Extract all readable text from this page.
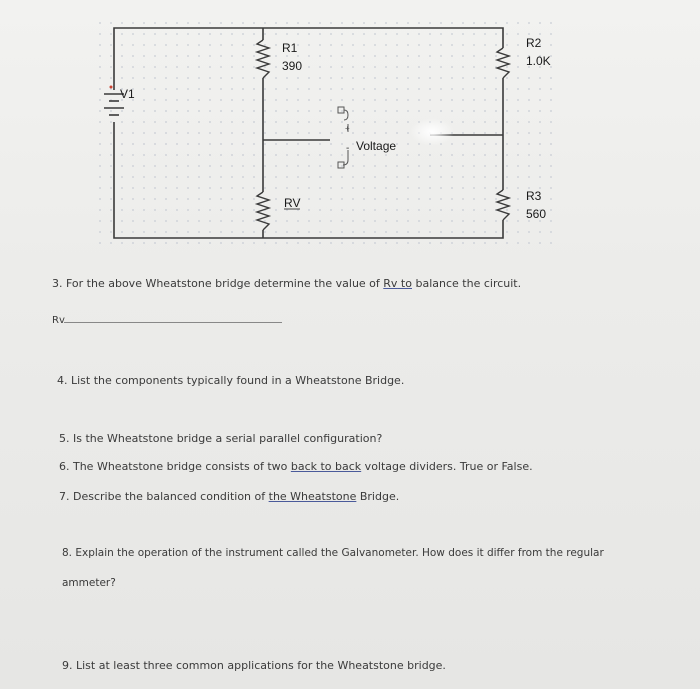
V1
R1
390
RV
R2
1.0K
R3
560
+
- Voltage

3. For the above Wheatstone bridge determine the value of Rv to balance the circuit.

Rv

4. List the components typically found in a Wheatstone Bridge.

5. Is the Wheatstone bridge a serial parallel configuration?

6. The Wheatstone bridge consists of two back to back voltage dividers. True or False.

7. Describe the balanced condition of the Wheatstone Bridge.

8. Explain the operation of the instrument called the Galvanometer. How does it differ from the regular

ammeter?

9. List at least three common applications for the Wheatstone bridge.
